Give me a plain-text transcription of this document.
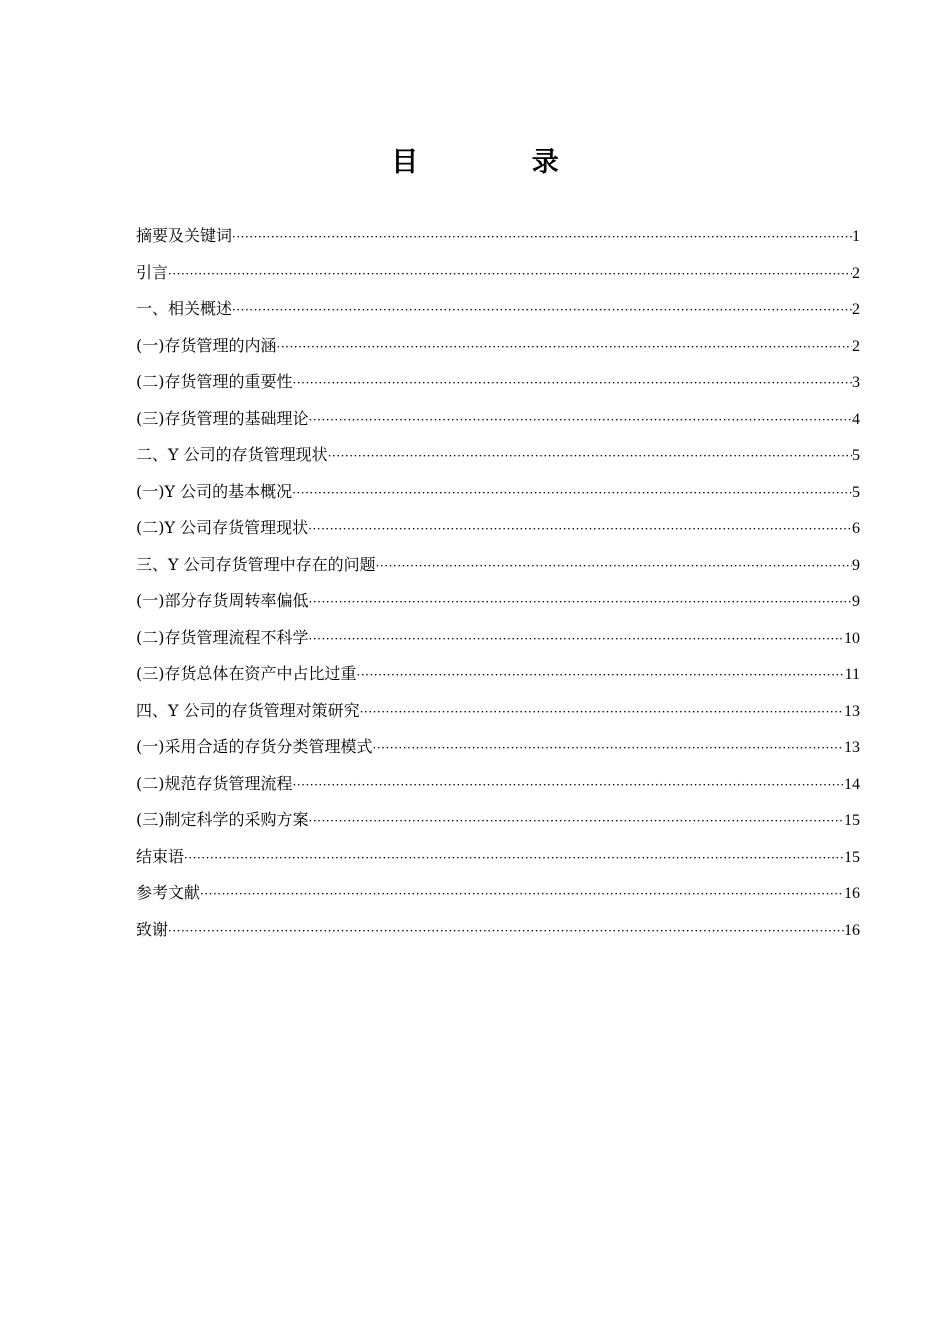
目 录
摘要及关键词 ·····	1
引言 ·····	2
一、相关概述 ·····	2
(一)存货管理的内涵 ·····	2
(二)存货管理的重要性 ·····	3
(三)存货管理的基础理论 ·····	4
二、Y 公司的存货管理现状 ·····	5
(一)Y 公司的基本概况 ·····	5
(二)Y 公司存货管理现状 ·····	6
三、Y 公司存货管理中存在的问题 ·····	9
(一)部分存货周转率偏低 ·····	9
(二)存货管理流程不科学 ·····	10
(三)存货总体在资产中占比过重 ·····	11
四、Y 公司的存货管理对策研究 ·····	13
(一)采用合适的存货分类管理模式 ·····	13
(二)规范存货管理流程 ·····	14
(三)制定科学的采购方案 ·····	15
结束语 ·····	15
参考文献 ·····	16
致谢 ·····	16
